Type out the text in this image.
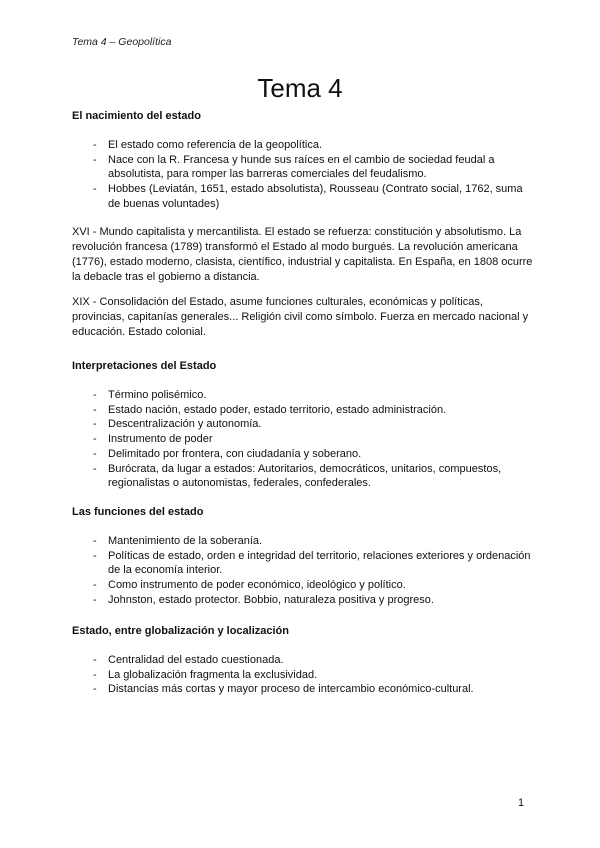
Tema 4 – Geopolítica
Tema 4
El nacimiento del estado
- El estado como referencia de la geopolítica.
- Nace con la R. Francesa y hunde sus raíces en el cambio de sociedad feudal a absolutista, para romper las barreras comerciales del feudalismo.
- Hobbes (Leviatán, 1651, estado absolutista), Rousseau (Contrato social, 1762, suma de buenas voluntades)

XVI - Mundo capitalista y mercantilista. El estado se refuerza: constitución y absolutismo. La revolución francesa (1789) transformó el Estado al modo burgués. La revolución americana (1776), estado moderno, clasista, científico, industrial y capitalista. En España, en 1808 ocurre la debacle tras el gobierno a distancia.

XIX - Consolidación del Estado, asume funciones culturales, económicas y políticas, provincias, capitanías generales... Religión civil como símbolo. Fuerza en mercado nacional y educación. Estado colonial.

Interpretaciones del Estado
- Término polisémico.
- Estado nación, estado poder, estado territorio, estado administración.
- Descentralización y autonomía.
- Instrumento de poder
- Delimitado por frontera, con ciudadanía y soberano.
- Burócrata, da lugar a estados: Autoritarios, democráticos, unitarios, compuestos, regionalistas o autonomistas, federales, confederales.
Las funciones del estado
- Mantenimiento de la soberanía.
- Políticas de estado, orden e integridad del territorio, relaciones exteriores y ordenación de la economía interior.
- Como instrumento de poder económico, ideológico y político.
- Johnston, estado protector. Bobbio, naturaleza positiva y progreso.
Estado, entre globalización y localización
- Centralidad del estado cuestionada.
- La globalización fragmenta la exclusividad.
- Distancias más cortas y mayor proceso de intercambio económico-cultural.
1
